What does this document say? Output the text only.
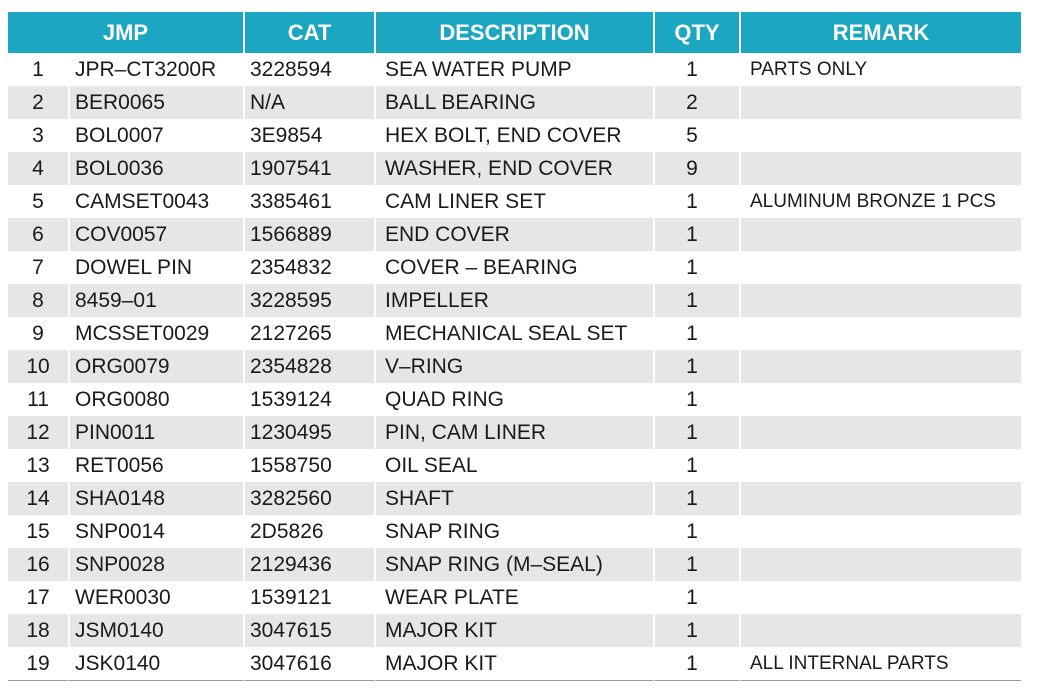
JMP		CAT	DESCRIPTION	QTY	REMARK
1	JPR–CT3200R	3228594	SEA WATER PUMP	1	PARTS ONLY
2	BER0065	N/A	BALL BEARING	2	
3	BOL0007	3E9854	HEX BOLT, END COVER	5	
4	BOL0036	1907541	WASHER, END COVER	9	
5	CAMSET0043	3385461	CAM LINER SET	1	ALUMINUM BRONZE 1 PCS
6	COV0057	1566889	END COVER	1	
7	DOWEL PIN	2354832	COVER – BEARING	1	
8	8459–01	3228595	IMPELLER	1	
9	MCSSET0029	2127265	MECHANICAL SEAL SET	1	
10	ORG0079	2354828	V–RING	1	
11	ORG0080	1539124	QUAD RING	1	
12	PIN0011	1230495	PIN, CAM LINER	1	
13	RET0056	1558750	OIL SEAL	1	
14	SHA0148	3282560	SHAFT	1	
15	SNP0014	2D5826	SNAP RING	1	
16	SNP0028	2129436	SNAP RING (M–SEAL)	1	
17	WER0030	1539121	WEAR PLATE	1	
18	JSM0140	3047615	MAJOR KIT	1	
19	JSK0140	3047616	MAJOR KIT	1	ALL INTERNAL PARTS
